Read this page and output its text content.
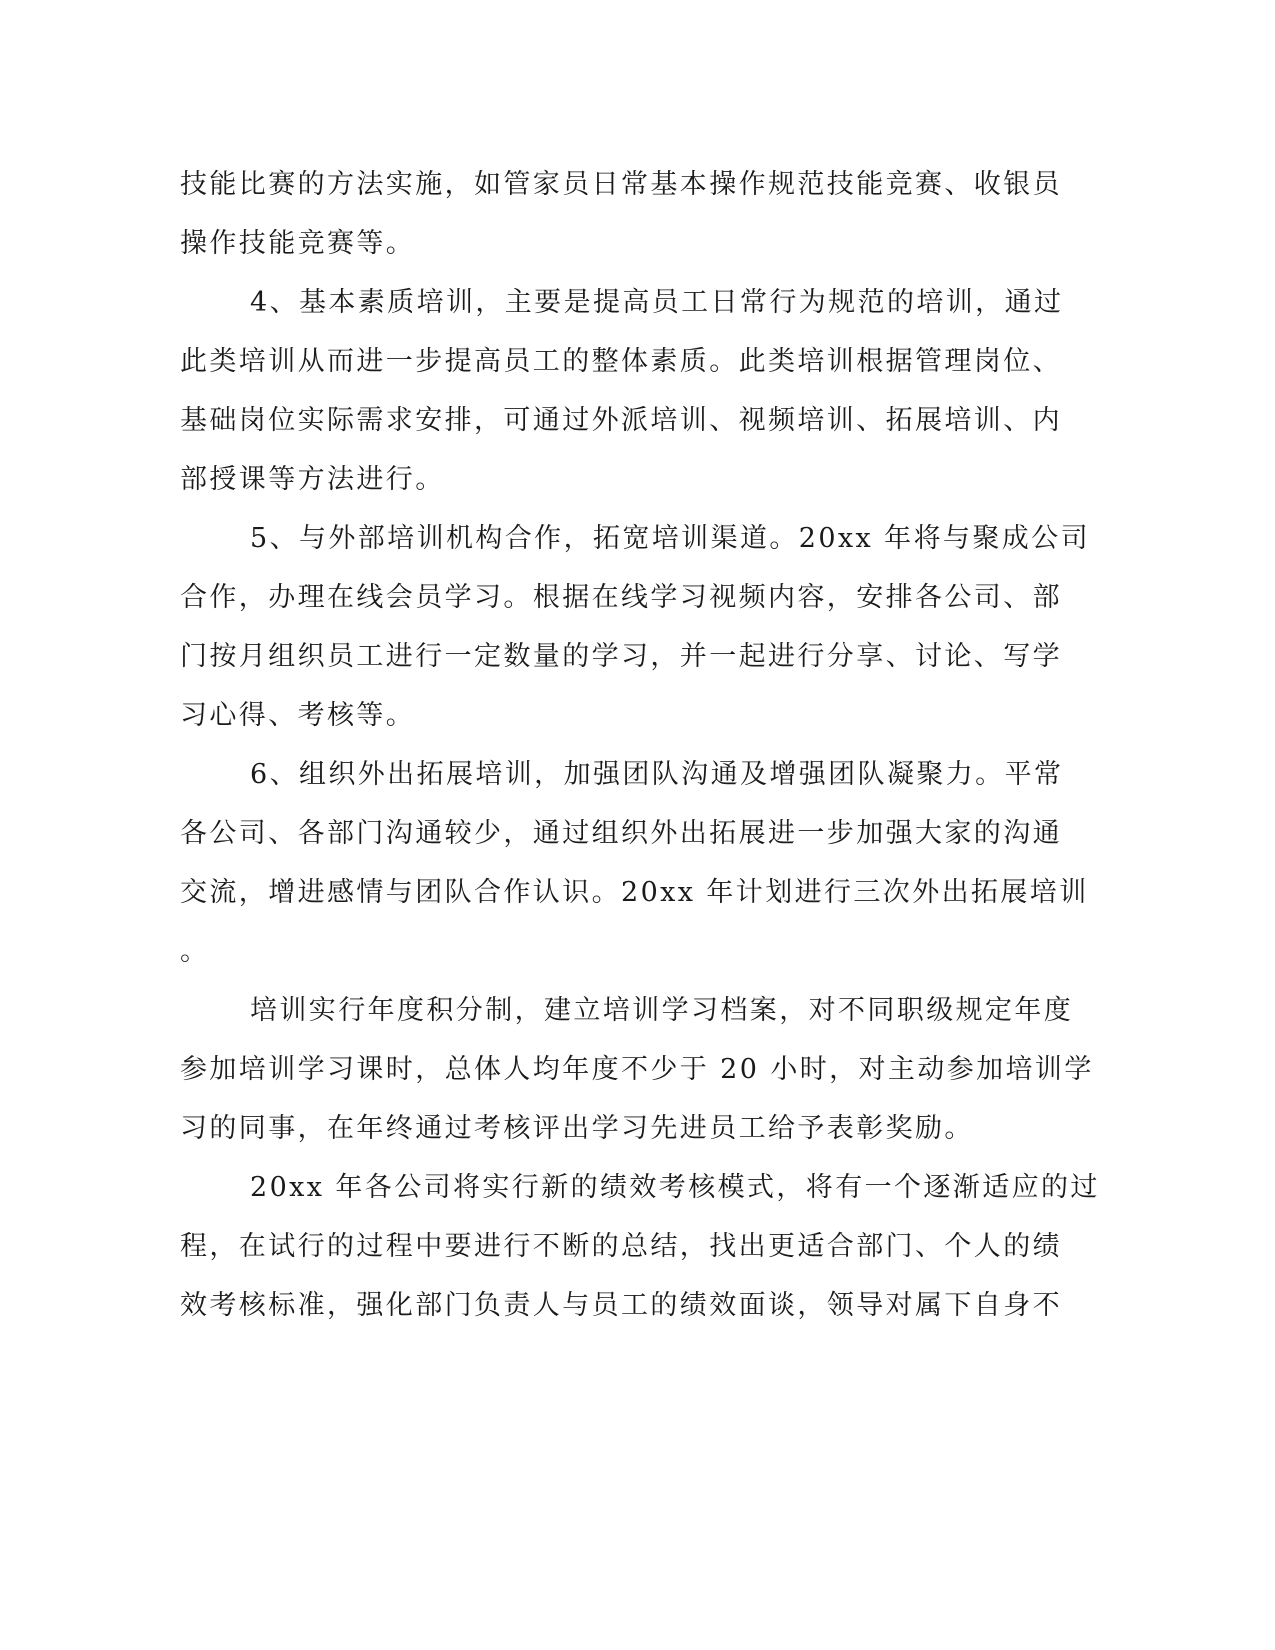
技能比赛的方法实施，如管家员日常基本操作规范技能竞赛、收银员
操作技能竞赛等。
4、基本素质培训，主要是提高员工日常行为规范的培训，通过
此类培训从而进一步提高员工的整体素质。此类培训根据管理岗位、
基础岗位实际需求安排，可通过外派培训、视频培训、拓展培训、内
部授课等方法进行。
5、与外部培训机构合作，拓宽培训渠道。20xx 年将与聚成公司
合作，办理在线会员学习。根据在线学习视频内容，安排各公司、部
门按月组织员工进行一定数量的学习，并一起进行分享、讨论、写学
习心得、考核等。
6、组织外出拓展培训，加强团队沟通及增强团队凝聚力。平常
各公司、各部门沟通较少，通过组织外出拓展进一步加强大家的沟通
交流，增进感情与团队合作认识。20xx 年计划进行三次外出拓展培训
。
培训实行年度积分制，建立培训学习档案，对不同职级规定年度
参加培训学习课时，总体人均年度不少于 20 小时，对主动参加培训学
习的同事，在年终通过考核评出学习先进员工给予表彰奖励。
20xx 年各公司将实行新的绩效考核模式，将有一个逐渐适应的过
程，在试行的过程中要进行不断的总结，找出更适合部门、个人的绩
效考核标准，强化部门负责人与员工的绩效面谈，领导对属下自身不
